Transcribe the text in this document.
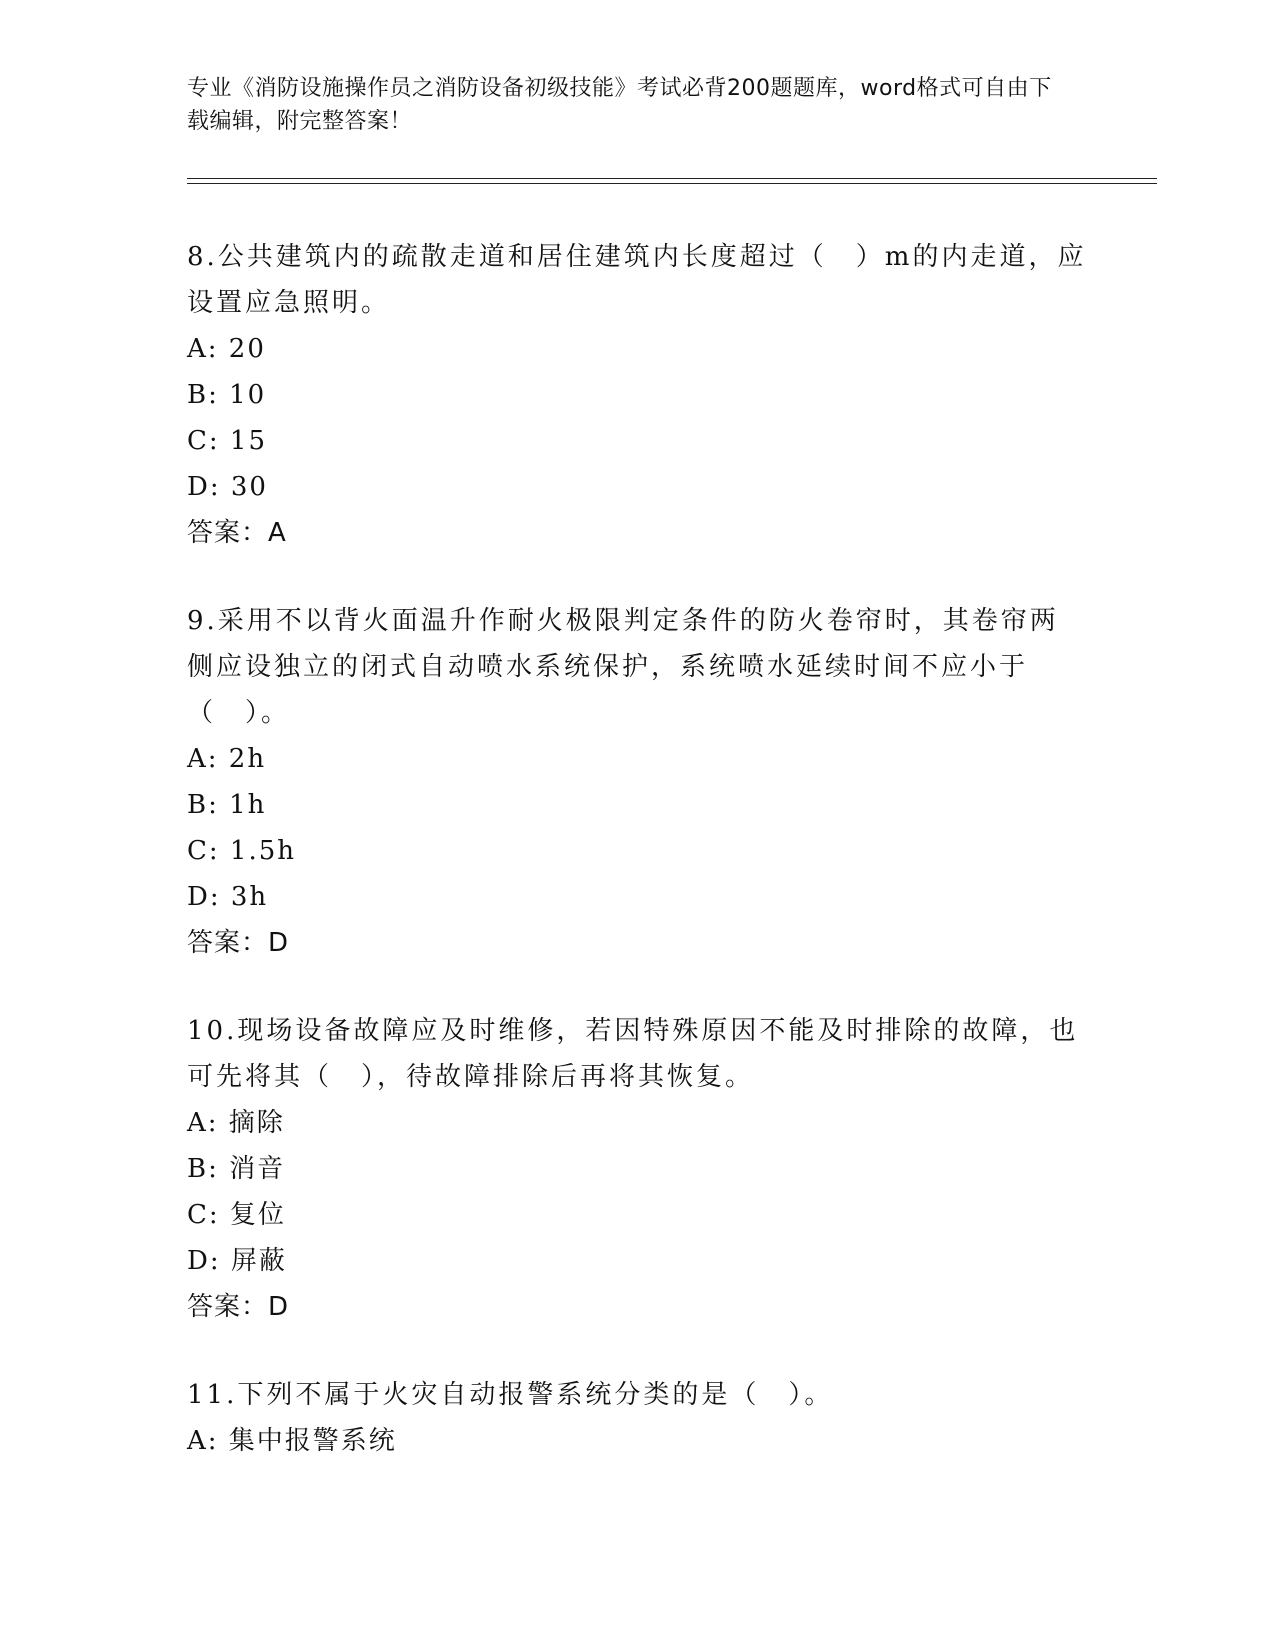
专业《消防设施操作员之消防设备初级技能》考试必背200题题库，word格式可自由下载编辑，附完整答案！

8.公共建筑内的疏散走道和居住建筑内长度超过（　）m的内走道，应设置应急照明。

A: 20

B: 10

C: 15

D: 30

答案：A

9.采用不以背火面温升作耐火极限判定条件的防火卷帘时，其卷帘两侧应设独立的闭式自动喷水系统保护，系统喷水延续时间不应小于（　）。

A: 2h

B: 1h

C: 1.5h

D: 3h

答案：D

10.现场设备故障应及时维修，若因特殊原因不能及时排除的故障，也可先将其（　），待故障排除后再将其恢复。

A: 摘除

B: 消音

C: 复位

D: 屏蔽

答案：D

11.下列不属于火灾自动报警系统分类的是（　）。

A: 集中报警系统
